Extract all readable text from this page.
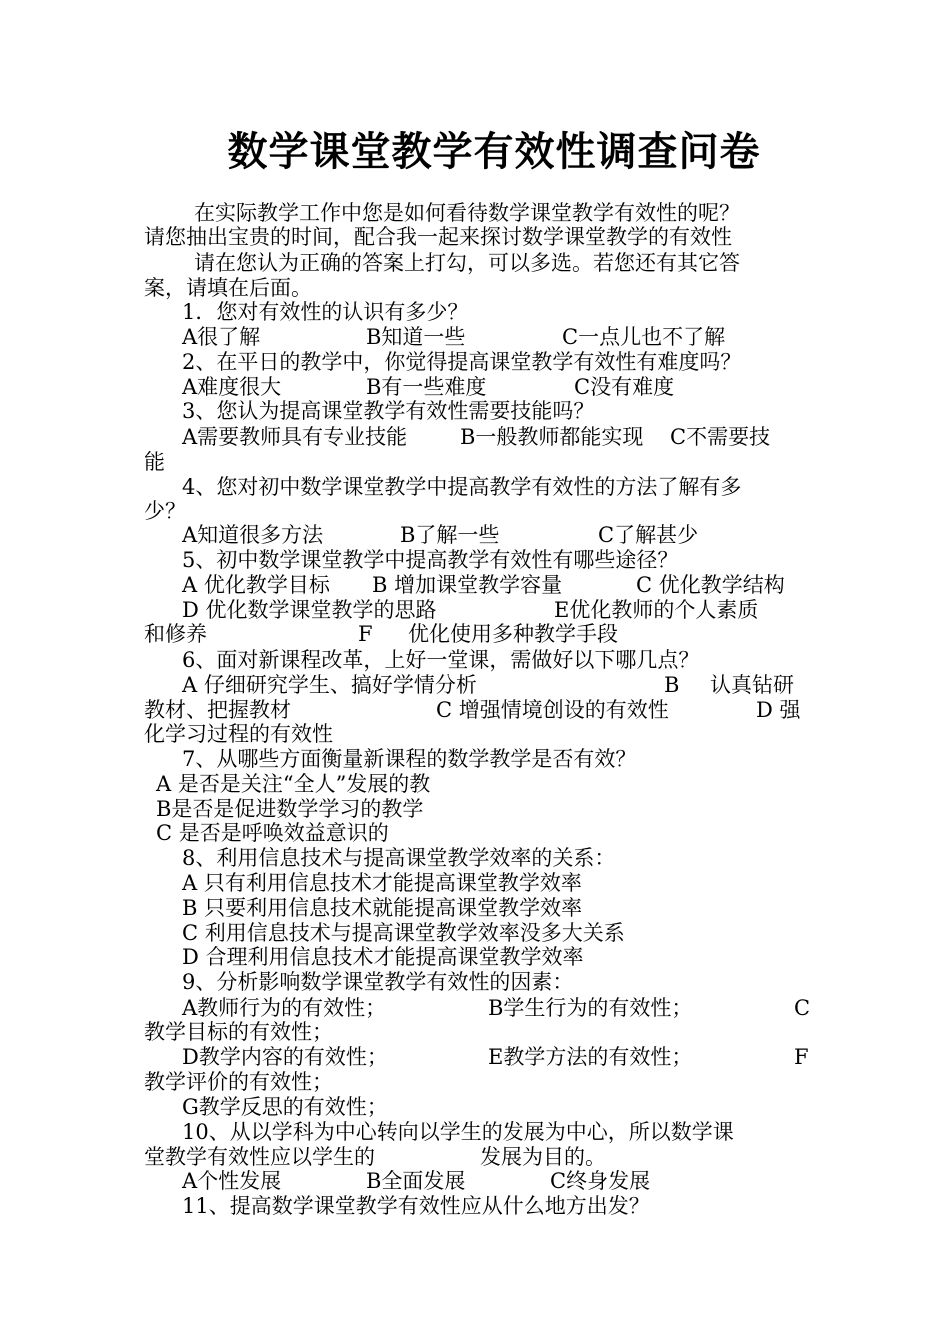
数学课堂教学有效性调查问卷
在实际教学工作中您是如何看待数学课堂教学有效性的呢？
请您抽出宝贵的时间，配合我一起来探讨数学课堂教学的有效性
请在您认为正确的答案上打勾，可以多选。若您还有其它答
案，请填在后面。
1．您对有效性的认识有多少？
A很了解	B知道一些	C一点儿也不了解
2、在平日的教学中，你觉得提高课堂教学有效性有难度吗？
A难度很大	B有一些难度	C没有难度
3、您认为提高课堂教学有效性需要技能吗？
A需要教师具有专业技能	B一般教师都能实现 C不需要技
能
4、您对初中数学课堂教学中提高教学有效性的方法了解有多
少？
A知道很多方法	B了解一些	C了解甚少
5、初中数学课堂教学中提高教学有效性有哪些途径？
A 优化教学目标 B 增加课堂教学容量	C 优化教学结构
D 优化数学课堂教学的思路	E优化教师的个人素质
和修养	F 优化使用多种教学手段
6、面对新课程改革，上好一堂课，需做好以下哪几点？
A 仔细研究学生、搞好学情分析	B 认真钻研
教材、把握教材	C 增强情境创设的有效性	D 强
化学习过程的有效性
7、从哪些方面衡量新课程的数学教学是否有效？
A 是否是关注“全人”发展的教
B是否是促进数学学习的教学
C 是否是呼唤效益意识的
8、利用信息技术与提高课堂教学效率的关系：
A 只有利用信息技术才能提高课堂教学效率
B 只要利用信息技术就能提高课堂教学效率
C 利用信息技术与提高课堂教学效率没多大关系
D 合理利用信息技术才能提高课堂教学效率
9、分析影响数学课堂教学有效性的因素：
A教师行为的有效性；	B学生行为的有效性；	C
教学目标的有效性；
D教学内容的有效性；	E教学方法的有效性；	F
教学评价的有效性；
G教学反思的有效性；
10、从以学科为中心转向以学生的发展为中心，所以数学课
堂教学有效性应以学生的	发展为目的。
A个性发展	B全面发展	C终身发展
11、提高数学课堂教学有效性应从什么地方出发？
